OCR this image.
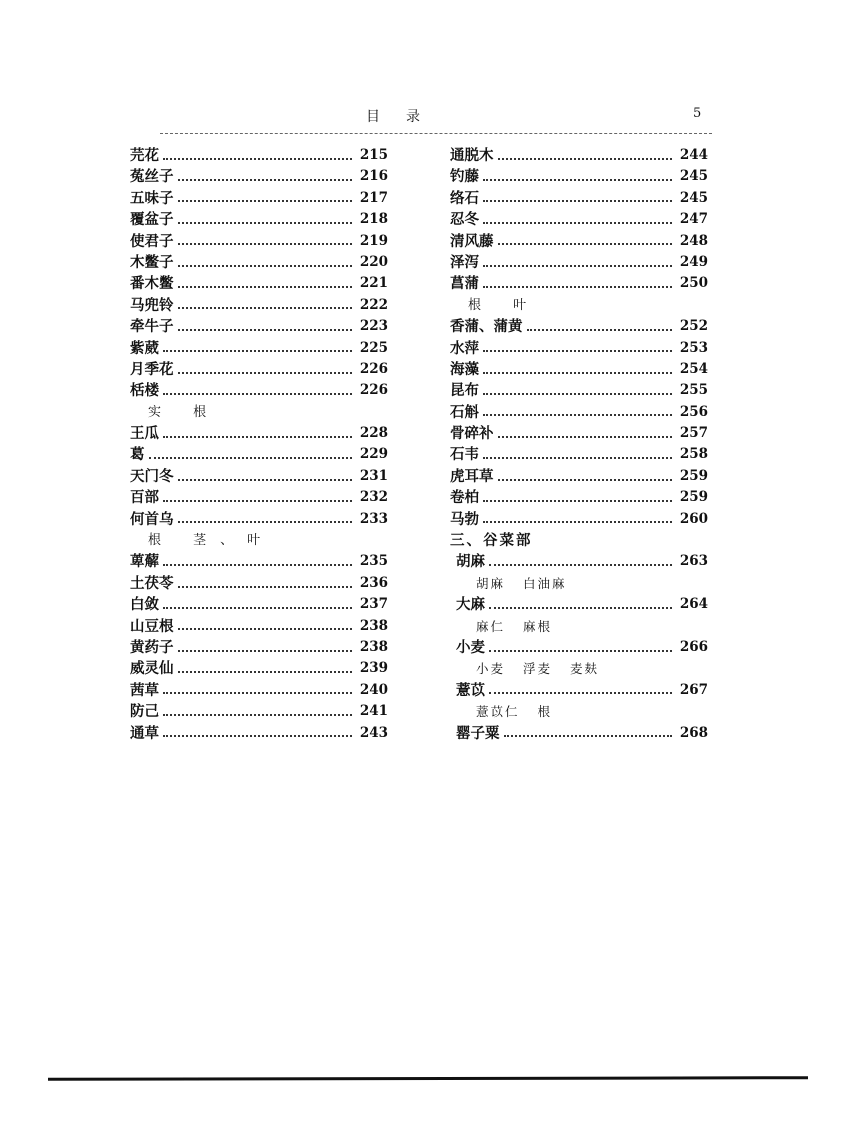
目录	5
芫花	215
菟丝子	216
五味子	217
覆盆子	218
使君子	219
木鳖子	220
番木鳖	221
马兜铃	222
牵牛子	223
紫葳	225
月季花	226
栝楼	226
实 根
王瓜	228
葛	229
天门冬	231
百部	232
何首乌	233
根 茎、叶
萆薢	235
土茯苓	236
白敛	237
山豆根	238
黄药子	238
威灵仙	239
茜草	240
防己	241
通草	243
通脱木	244
钓藤	245
络石	245
忍冬	247
清风藤	248
泽泻	249
菖蒲	250
根 叶
香蒲、蒲黄	252
水萍	253
海藻	254
昆布	255
石斛	256
骨碎补	257
石韦	258
虎耳草	259
卷柏	259
马勃	260
三、谷菜部
胡麻	263
胡麻 白油麻
大麻	264
麻仁 麻根
小麦	266
小麦 浮麦 麦麸
薏苡	267
薏苡仁 根
罂子粟	268
